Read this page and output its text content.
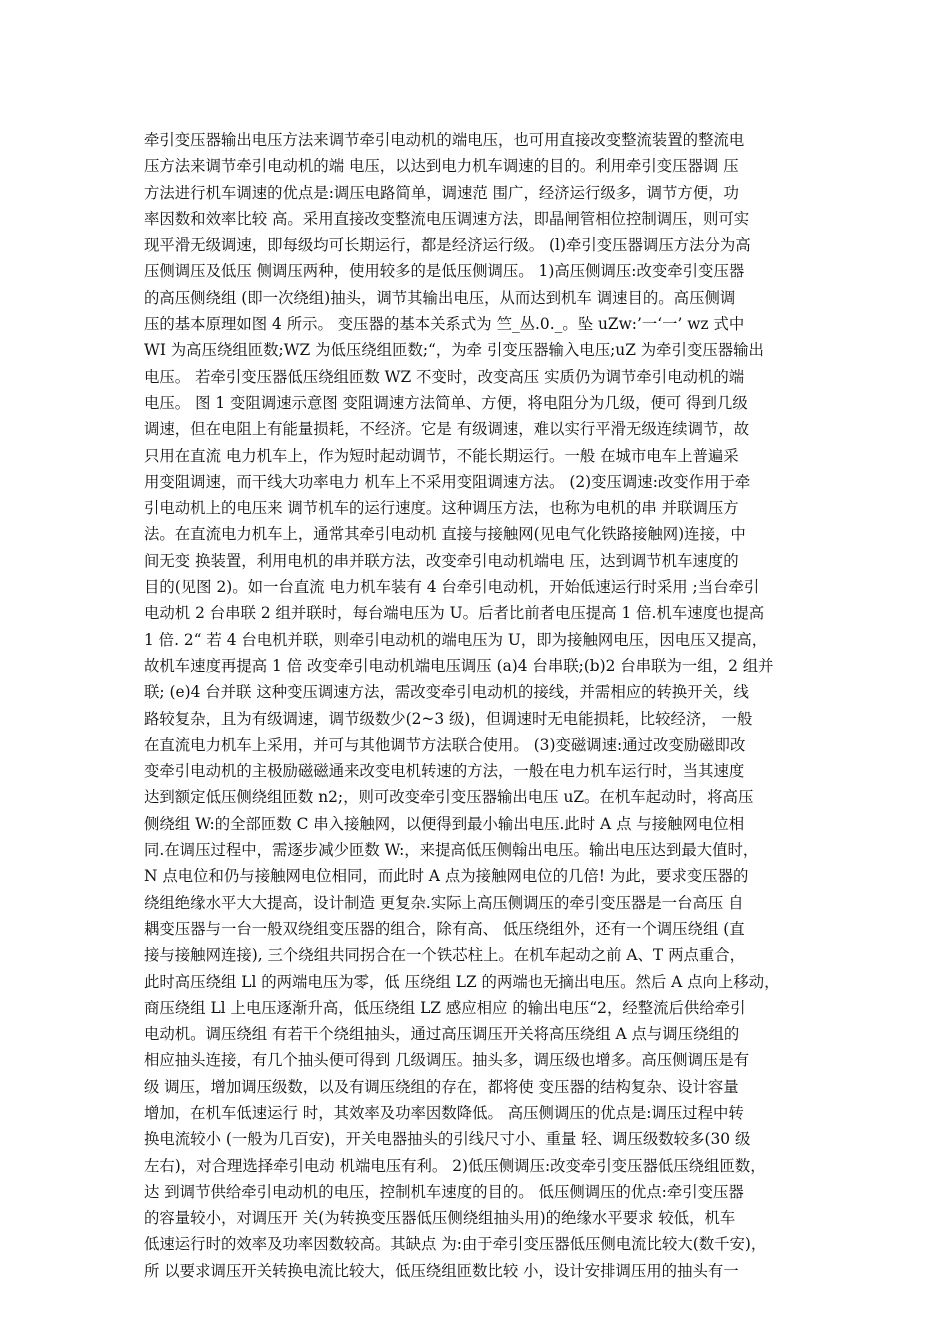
牵引变压器输出电压方法来调节牵引电动机的端电压，也可用直接改变整流装置的整流电
压方法来调节牵引电动机的端 电压，以达到电力机车调速的目的。利用牵引变压器调 压
方法进行机车调速的优点是:调压电路简单，调速范 围广，经济运行级多，调节方便，功
率因数和效率比较 高。采用直接改变整流电压调速方法，即晶闸管相位控制调压，则可实
现平滑无级调速，即每级均可长期运行，都是经济运行级。 (l)牵引变压器调压方法分为高
压侧调压及低压 侧调压两种，使用较多的是低压侧调压。 1)高压侧调压:改变牵引变压器
的高压侧绕组 (即一次绕组)抽头，调节其输出电压，从而达到机车 调速目的。高压侧调
压的基本原理如图 4 所示。 变压器的基本关系式为 竺_丛.0._。坠 uZw:’一‘一’ wz 式中
WI 为高压绕组匝数;WZ 为低压绕组匝数;“，为牵 引变压器输入电压;uZ 为牵引变压器输出
电压。 若牵引变压器低压绕组匝数 WZ 不变时，改变高压 实质仍为调节牵引电动机的端
电压。 图 1 变阻调速示意图 变阻调速方法简单、方便，将电阻分为几级，便可 得到几级
调速，但在电阻上有能量损耗，不经济。它是 有级调速，难以实行平滑无级连续调节，故
只用在直流 电力机车上，作为短时起动调节，不能长期运行。一般 在城市电车上普遍采
用变阻调速，而干线大功率电力 机车上不采用变阻调速方法。 (2)变压调速:改变作用于牵
引电动机上的电压来 调节机车的运行速度。这种调压方法，也称为电机的串 并联调压方
法。在直流电力机车上，通常其牵引电动机 直接与接触网(见电气化铁路接触网)连接，中
间无变 换装置，利用电机的串并联方法，改变牵引电动机端电 压，达到调节机车速度的
目的(见图 2)。如一台直流 电力机车装有 4 台牵引电动机，开始低速运行时采用 ;当台牵引
电动机 2 台串联 2 组并联时，每台端电压为 U。后者比前者电压提高 1 倍.机车速度也提高
1 倍. 2“ 若 4 台电机并联，则牵引电动机的端电压为 U，即为接触网电压，因电压又提高，
故机车速度再提高 1 倍 改变牵引电动机端电压调压 (a)4 台串联;(b)2 台串联为一组，2 组并
联; (e)4 台并联 这种变压调速方法，需改变牵引电动机的接线，并需相应的转换开关，线
路较复杂，且为有级调速，调节级数少(2~3 级)，但调速时无电能损耗，比较经济， 一般
在直流电力机车上采用，并可与其他调节方法联合使用。 (3)变磁调速:通过改变励磁即改
变牵引电动机的主极励磁磁通来改变电机转速的方法，一般在电力机车运行时，当其速度
达到额定低压侧绕组匝数 n2;，则可改变牵引变压器输出电压 uZ。在机车起动时，将高压
侧绕组 W:的全部匝数 C 串入接触网，以便得到最小输出电压.此时 A 点 与接触网电位相
同.在调压过程中，需逐步减少匝数 W:，来提高低压侧翰出电压。输出电压达到最大值时，
N 点电位和仍与接触网电位相同，而此时 A 点为接触网电位的几倍! 为此，要求变压器的
绕组绝缘水平大大提高，设计制造 更复杂.实际上高压侧调压的牵引变压器是一台高压 自
耦变压器与一台一般双绕组变压器的组合，除有高、 低压绕组外，还有一个调压绕组 (直
接与接触网连接), 三个绕组共同拐合在一个铁芯柱上。在机车起动之前 A、T 两点重合，
此时高压绕组 Ll 的两端电压为零，低 压绕组 LZ 的两端也无摘出电压。然后 A 点向上移动，
商压绕组 Ll 上电压逐渐升高，低压绕组 LZ 感应相应 的输出电压“2，经整流后供给牵引
电动机。调压绕组 有若干个绕组抽头，通过高压调压开关将高压绕组 A 点与调压绕组的
相应抽头连接，有几个抽头便可得到 几级调压。抽头多，调压级也增多。高压侧调压是有
级 调压，增加调压级数，以及有调压绕组的存在，都将使 变压器的结构复杂、设计容量
增加，在机车低速运行 时，其效率及功率因数降低。 高压侧调压的优点是:调压过程中转
换电流较小 (一般为几百安)，开关电器抽头的引线尺寸小、重量 轻、调压级数较多(30 级
左右)，对合理选择牵引电动 机端电压有利。 2)低压侧调压:改变牵引变压器低压绕组匝数，
达 到调节供给牵引电动机的电压，控制机车速度的目的。 低压侧调压的优点:牵引变压器
的容量较小，对调压开 关(为转换变压器低压侧绕组抽头用)的绝缘水平要求 较低，机车
低速运行时的效率及功率因数较高。其缺点 为:由于牵引变压器低压侧电流比较大(数千安)，
所 以要求调压开关转换电流比较大，低压绕组匝数比较 小，设计安排调压用的抽头有一
